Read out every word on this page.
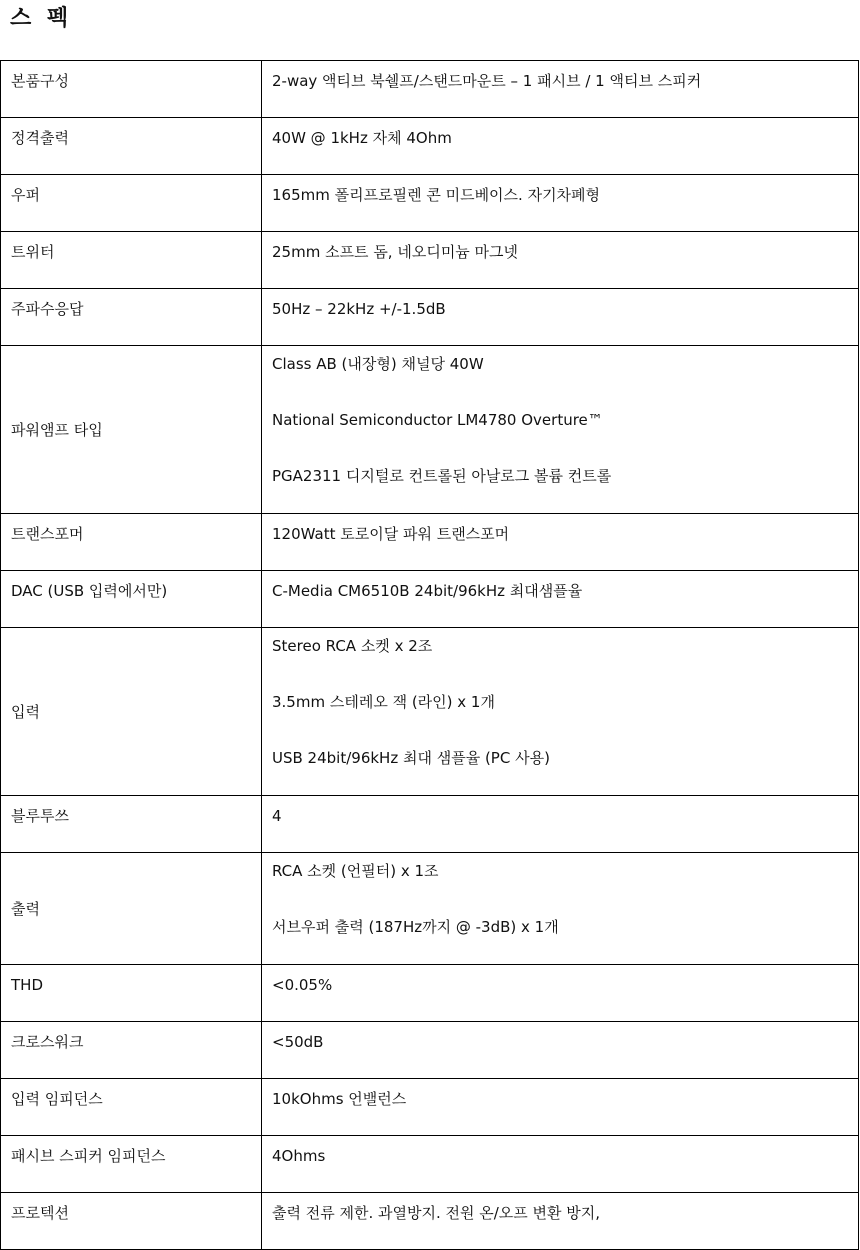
스 펙
본품구성	2-way 액티브 북쉘프/스탠드마운트 – 1 패시브 / 1 액티브 스피커

정격출력	40W @ 1kHz 자체 4Ohm

우퍼	165mm 폴리프로필렌 콘 미드베이스. 자기차폐형

트위터	25mm 소프트 돔, 네오디미늄 마그넷

주파수응답	50Hz – 22kHz +/-1.5dB

파워앰프 타입	Class AB (내장형) 채널당 40W
National Semiconductor LM4780 Overture™
PGA2311 디지털로 컨트롤된 아날로그 볼륨 컨트롤

트랜스포머	120Watt 토로이달 파워 트랜스포머

DAC (USB 입력에서만)	C-Media CM6510B 24bit/96kHz 최대샘플율

입력	Stereo RCA 소켓 x 2조
3.5mm 스테레오 잭 (라인) x 1개
USB 24bit/96kHz 최대 샘플율 (PC 사용)

블루투쓰	4

출력	RCA 소켓 (언필터) x 1조
서브우퍼 출력 (187Hz까지 @ -3dB) x 1개

THD	<0.05%

크로스워크	<50dB

입력 임피던스	10kOhms 언밸런스

패시브 스피커 임피던스	4Ohms

프로텍션	출력 전류 제한. 과열방지. 전원 온/오프 변환 방지,
